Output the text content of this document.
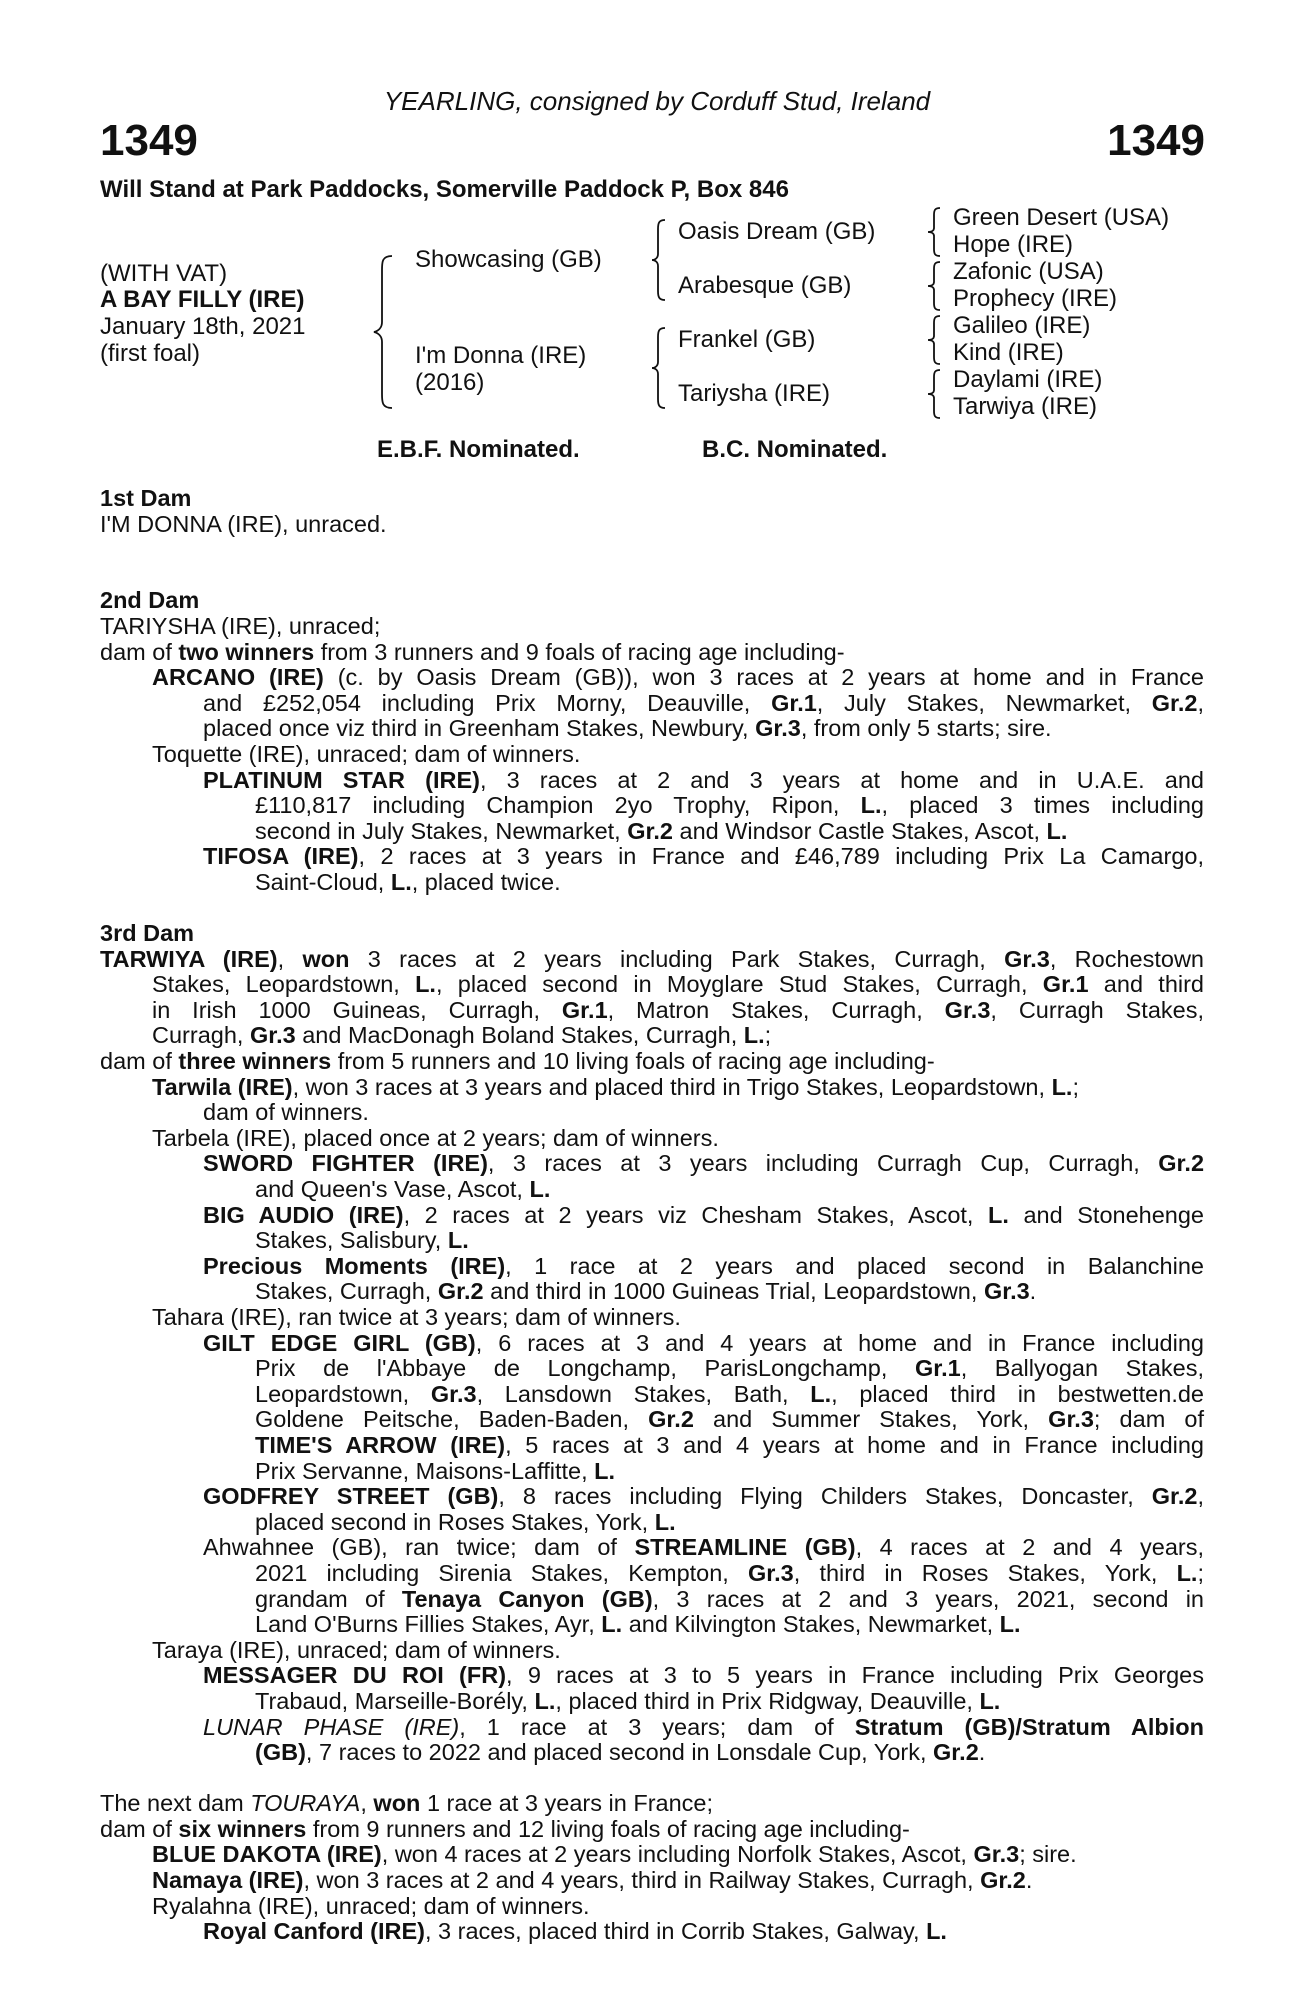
YEARLING, consigned by Corduff Stud, Ireland
1349	1349
Will Stand at Park Paddocks, Somerville Paddock P, Box 846
(WITH VAT)
A BAY FILLY (IRE)
January 18th, 2021
(first foal)
Showcasing (GB)
I'm Donna (IRE)
(2016)
Oasis Dream (GB)
Arabesque (GB)
Frankel (GB)
Tariysha (IRE)
Green Desert (USA)
Hope (IRE)
Zafonic (USA)
Prophecy (IRE)
Galileo (IRE)
Kind (IRE)
Daylami (IRE)
Tarwiya (IRE)
E.B.F. Nominated.	B.C. Nominated.
1st Dam
I'M DONNA (IRE), unraced.
2nd Dam
TARIYSHA (IRE), unraced;
dam of two winners from 3 runners and 9 foals of racing age including-
ARCANO (IRE) (c. by Oasis Dream (GB)), won 3 races at 2 years at home and in France
and £252,054 including Prix Morny, Deauville, Gr.1, July Stakes, Newmarket, Gr.2,
placed once viz third in Greenham Stakes, Newbury, Gr.3, from only 5 starts; sire.
Toquette (IRE), unraced; dam of winners.
PLATINUM STAR (IRE), 3 races at 2 and 3 years at home and in U.A.E. and
£110,817 including Champion 2yo Trophy, Ripon, L., placed 3 times including
second in July Stakes, Newmarket, Gr.2 and Windsor Castle Stakes, Ascot, L.
TIFOSA (IRE), 2 races at 3 years in France and £46,789 including Prix La Camargo,
Saint-Cloud, L., placed twice.
3rd Dam
TARWIYA (IRE), won 3 races at 2 years including Park Stakes, Curragh, Gr.3, Rochestown
Stakes, Leopardstown, L., placed second in Moyglare Stud Stakes, Curragh, Gr.1 and third
in Irish 1000 Guineas, Curragh, Gr.1, Matron Stakes, Curragh, Gr.3, Curragh Stakes,
Curragh, Gr.3 and MacDonagh Boland Stakes, Curragh, L.;
dam of three winners from 5 runners and 10 living foals of racing age including-
Tarwila (IRE), won 3 races at 3 years and placed third in Trigo Stakes, Leopardstown, L.;
dam of winners.
Tarbela (IRE), placed once at 2 years; dam of winners.
SWORD FIGHTER (IRE), 3 races at 3 years including Curragh Cup, Curragh, Gr.2
and Queen's Vase, Ascot, L.
BIG AUDIO (IRE), 2 races at 2 years viz Chesham Stakes, Ascot, L. and Stonehenge
Stakes, Salisbury, L.
Precious Moments (IRE), 1 race at 2 years and placed second in Balanchine
Stakes, Curragh, Gr.2 and third in 1000 Guineas Trial, Leopardstown, Gr.3.
Tahara (IRE), ran twice at 3 years; dam of winners.
GILT EDGE GIRL (GB), 6 races at 3 and 4 years at home and in France including
Prix de l'Abbaye de Longchamp, ParisLongchamp, Gr.1, Ballyogan Stakes,
Leopardstown, Gr.3, Lansdown Stakes, Bath, L., placed third in bestwetten.de
Goldene Peitsche, Baden-Baden, Gr.2 and Summer Stakes, York, Gr.3; dam of
TIME'S ARROW (IRE), 5 races at 3 and 4 years at home and in France including
Prix Servanne, Maisons-Laffitte, L.
GODFREY STREET (GB), 8 races including Flying Childers Stakes, Doncaster, Gr.2,
placed second in Roses Stakes, York, L.
Ahwahnee (GB), ran twice; dam of STREAMLINE (GB), 4 races at 2 and 4 years,
2021 including Sirenia Stakes, Kempton, Gr.3, third in Roses Stakes, York, L.;
grandam of Tenaya Canyon (GB), 3 races at 2 and 3 years, 2021, second in
Land O'Burns Fillies Stakes, Ayr, L. and Kilvington Stakes, Newmarket, L.
Taraya (IRE), unraced; dam of winners.
MESSAGER DU ROI (FR), 9 races at 3 to 5 years in France including Prix Georges
Trabaud, Marseille-Borély, L., placed third in Prix Ridgway, Deauville, L.
LUNAR PHASE (IRE), 1 race at 3 years; dam of Stratum (GB)/Stratum Albion
(GB), 7 races to 2022 and placed second in Lonsdale Cup, York, Gr.2.
The next dam TOURAYA, won 1 race at 3 years in France;
dam of six winners from 9 runners and 12 living foals of racing age including-
BLUE DAKOTA (IRE), won 4 races at 2 years including Norfolk Stakes, Ascot, Gr.3; sire.
Namaya (IRE), won 3 races at 2 and 4 years, third in Railway Stakes, Curragh, Gr.2.
Ryalahna (IRE), unraced; dam of winners.
Royal Canford (IRE), 3 races, placed third in Corrib Stakes, Galway, L.
